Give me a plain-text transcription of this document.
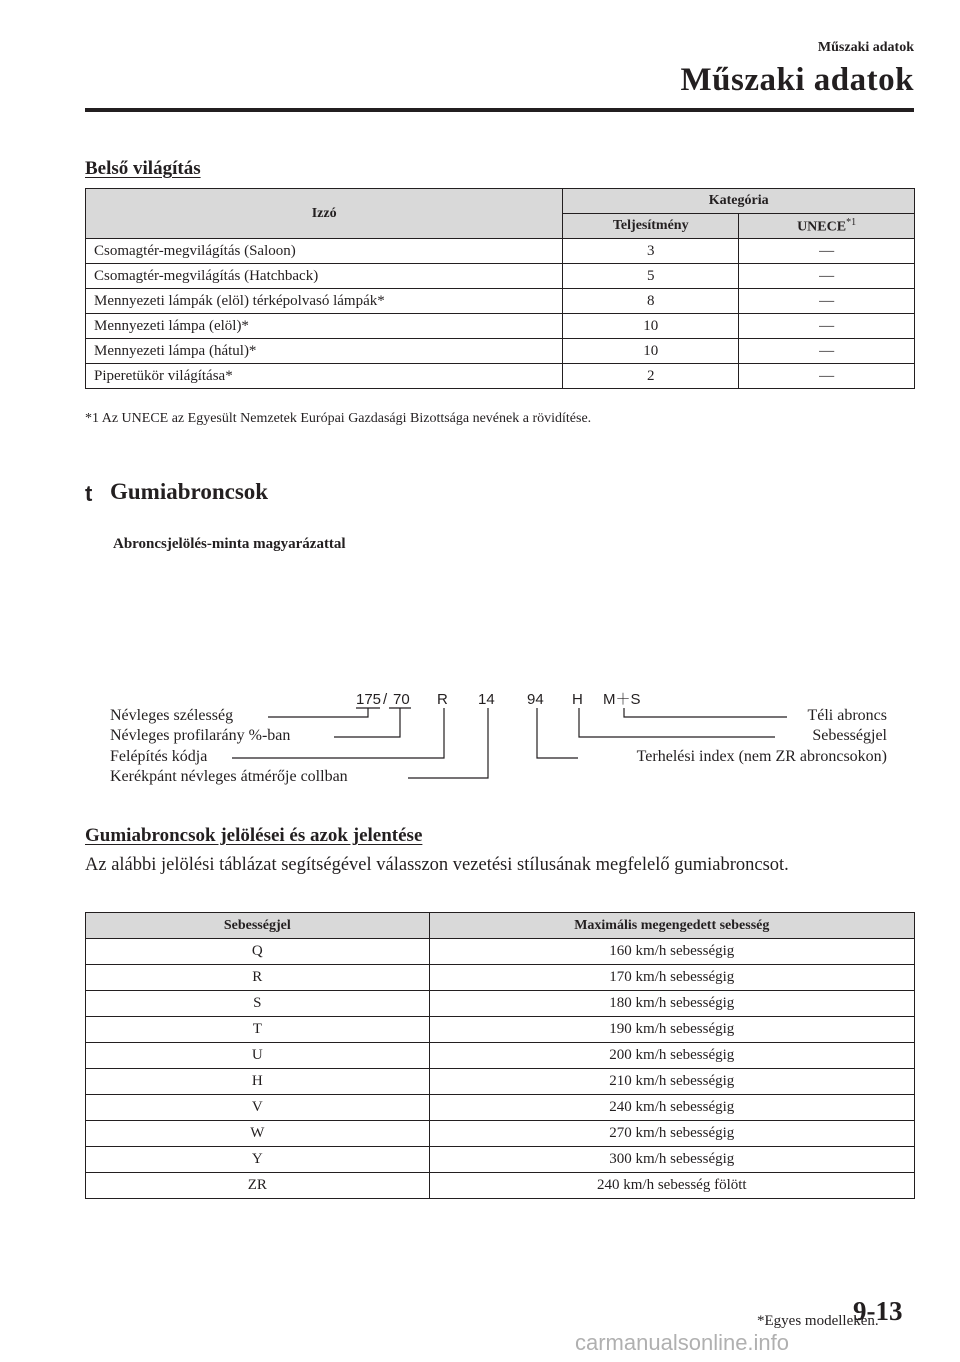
Műszaki adatok
Műszaki adatok
Belső világítás
Izzó	Kategória	
	Teljesítmény	UNECE$^{*1}$
Csomagtér-megvilágítás (Saloon)	3	—
Csomagtér-megvilágítás (Hatchback)	5	—
Mennyezeti lámpák (elöl) térképolvasó lámpák*	8	—
Mennyezeti lámpa (elöl)*	10	—
Mennyezeti lámpa (hátul)*	10	—
Piperetükör világítása*	2	—
*1 Az UNECE az Egyesült Nemzetek Európai Gazdasági Bizottsága nevének a rövidítése.
t Gumiabroncsok
Abroncsjelölés-minta magyarázattal
175 / 70 R 14 94 H M＋S
Névleges szélesség
Névleges profilarány %-ban
Felépítés kódja
Kerékpánt névleges átmérője collban
Téli abroncs
Sebességjel
Terhelési index (nem ZR abroncsokon)
Gumiabroncsok jelölései és azok jelentése
Az alábbi jelölési táblázat segítségével válasszon vezetési stílusának megfelelő gumiabroncsot.
Sebességjel	Maximális megengedett sebesség
Q	160 km/h sebességig
R	170 km/h sebességig
S	180 km/h sebességig
T	190 km/h sebességig
U	200 km/h sebességig
H	210 km/h sebességig
V	240 km/h sebességig
W	270 km/h sebességig
Y	300 km/h sebességig
ZR	240 km/h sebesség fölött
*Egyes modelleken.
9-13
carmanualsonline.info
